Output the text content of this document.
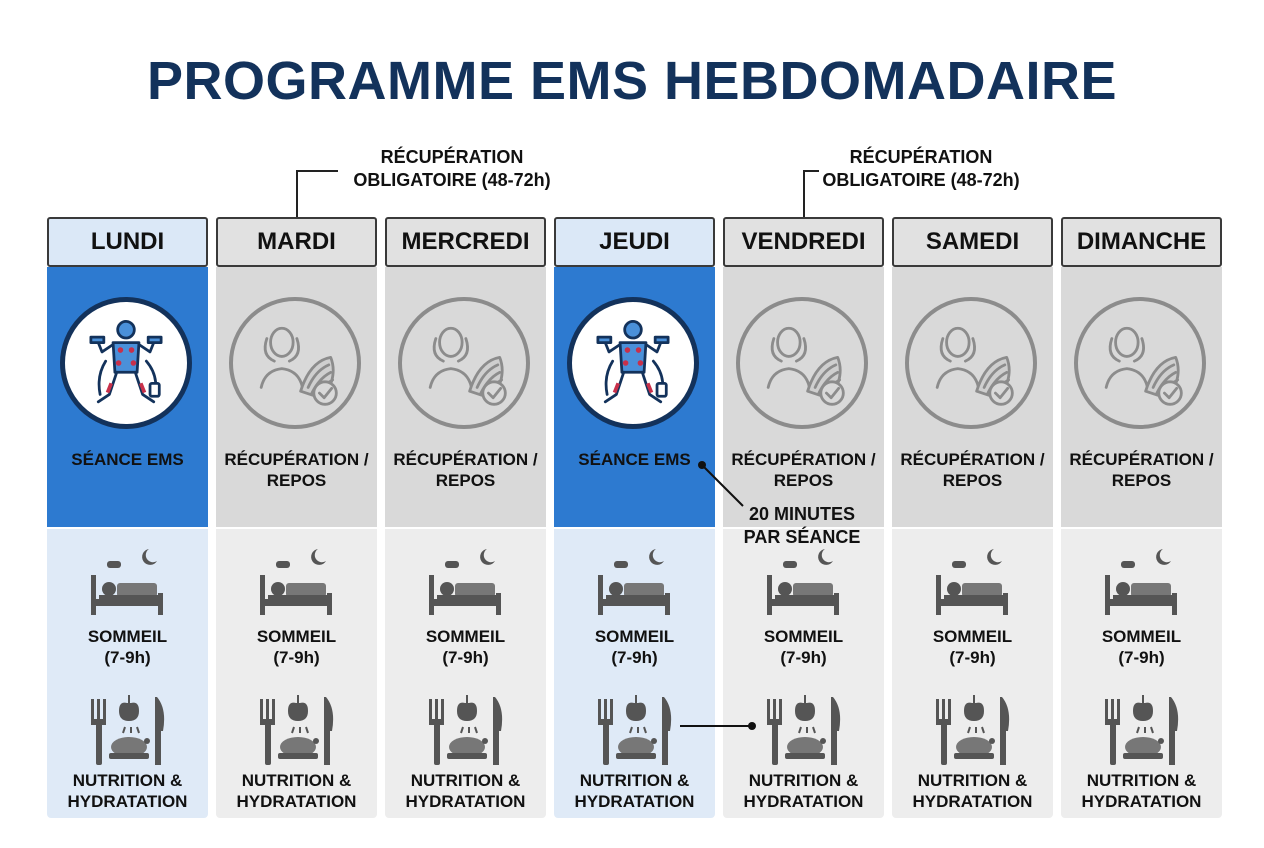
PROGRAMME EMS HEBDOMADAIRE
RÉCUPÉRATION
OBLIGATOIRE (48-72h)
RÉCUPÉRATION
OBLIGATOIRE (48-72h)
LUNDI
SÉANCE EMS
SOMMEIL
(7-9h)
NUTRITION &
HYDRATATION
MARDI
RÉCUPÉRATION /
REPOS
SOMMEIL
(7-9h)
NUTRITION &
HYDRATATION
MERCREDI
RÉCUPÉRATION /
REPOS
SOMMEIL
(7-9h)
NUTRITION &
HYDRATATION
JEUDI
SÉANCE EMS
SOMMEIL
(7-9h)
NUTRITION &
HYDRATATION
VENDREDI
RÉCUPÉRATION /
REPOS
SOMMEIL
(7-9h)
NUTRITION &
HYDRATATION
SAMEDI
RÉCUPÉRATION /
REPOS
SOMMEIL
(7-9h)
NUTRITION &
HYDRATATION
DIMANCHE
RÉCUPÉRATION /
REPOS
SOMMEIL
(7-9h)
NUTRITION &
HYDRATATION
20 MINUTES
PAR SÉANCE
